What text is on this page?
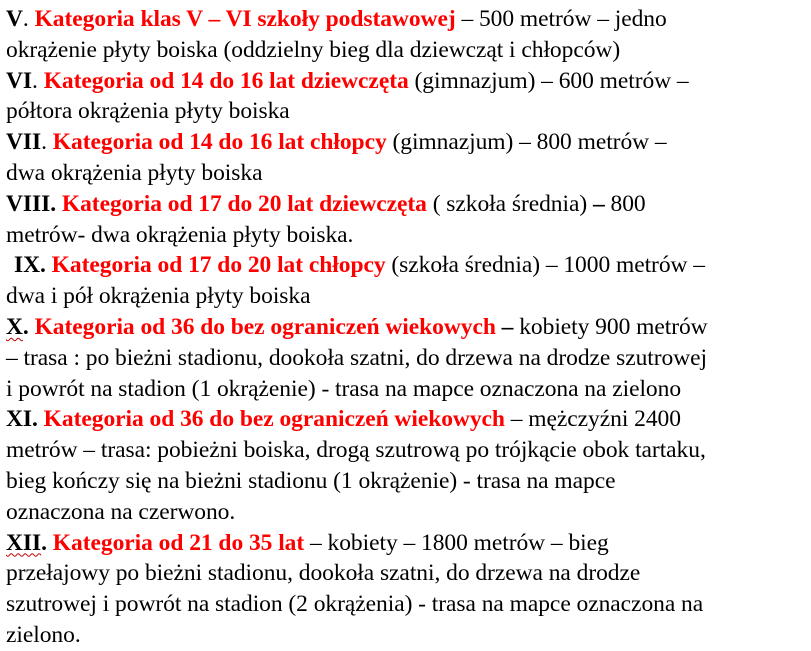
V. Kategoria klas V – VI szkoły podstawowej – 500 metrów – jedno
okrążenie płyty boiska (oddzielny bieg dla dziewcząt i chłopców)
VI. Kategoria od 14 do 16 lat dziewczęta (gimnazjum) – 600 metrów –
półtora okrążenia płyty boiska
VII. Kategoria od 14 do 16 lat chłopcy (gimnazjum) – 800 metrów –
dwa okrążenia płyty boiska
VIII. Kategoria od 17 do 20 lat dziewczęta ( szkoła średnia) – 800
metrów- dwa okrążenia płyty boiska.
IX. Kategoria od 17 do 20 lat chłopcy (szkoła średnia) – 1000 metrów –
dwa i pół okrążenia płyty boiska
X. Kategoria od 36 do bez ograniczeń wiekowych – kobiety 900 metrów
– trasa : po bieżni stadionu, dookoła szatni, do drzewa na drodze szutrowej
i powrót na stadion (1 okrążenie) - trasa na mapce oznaczona na zielono
XI. Kategoria od 36 do bez ograniczeń wiekowych – mężczyźni 2400
metrów – trasa: pobieżni boiska, drogą szutrową po trójkącie obok tartaku,
bieg kończy się na bieżni stadionu (1 okrążenie) - trasa na mapce
oznaczona na czerwono.
XII. Kategoria od 21 do 35 lat – kobiety – 1800 metrów – bieg
przełajowy po bieżni stadionu, dookoła szatni, do drzewa na drodze
szutrowej i powrót na stadion (2 okrążenia) - trasa na mapce oznaczona na
zielono.
